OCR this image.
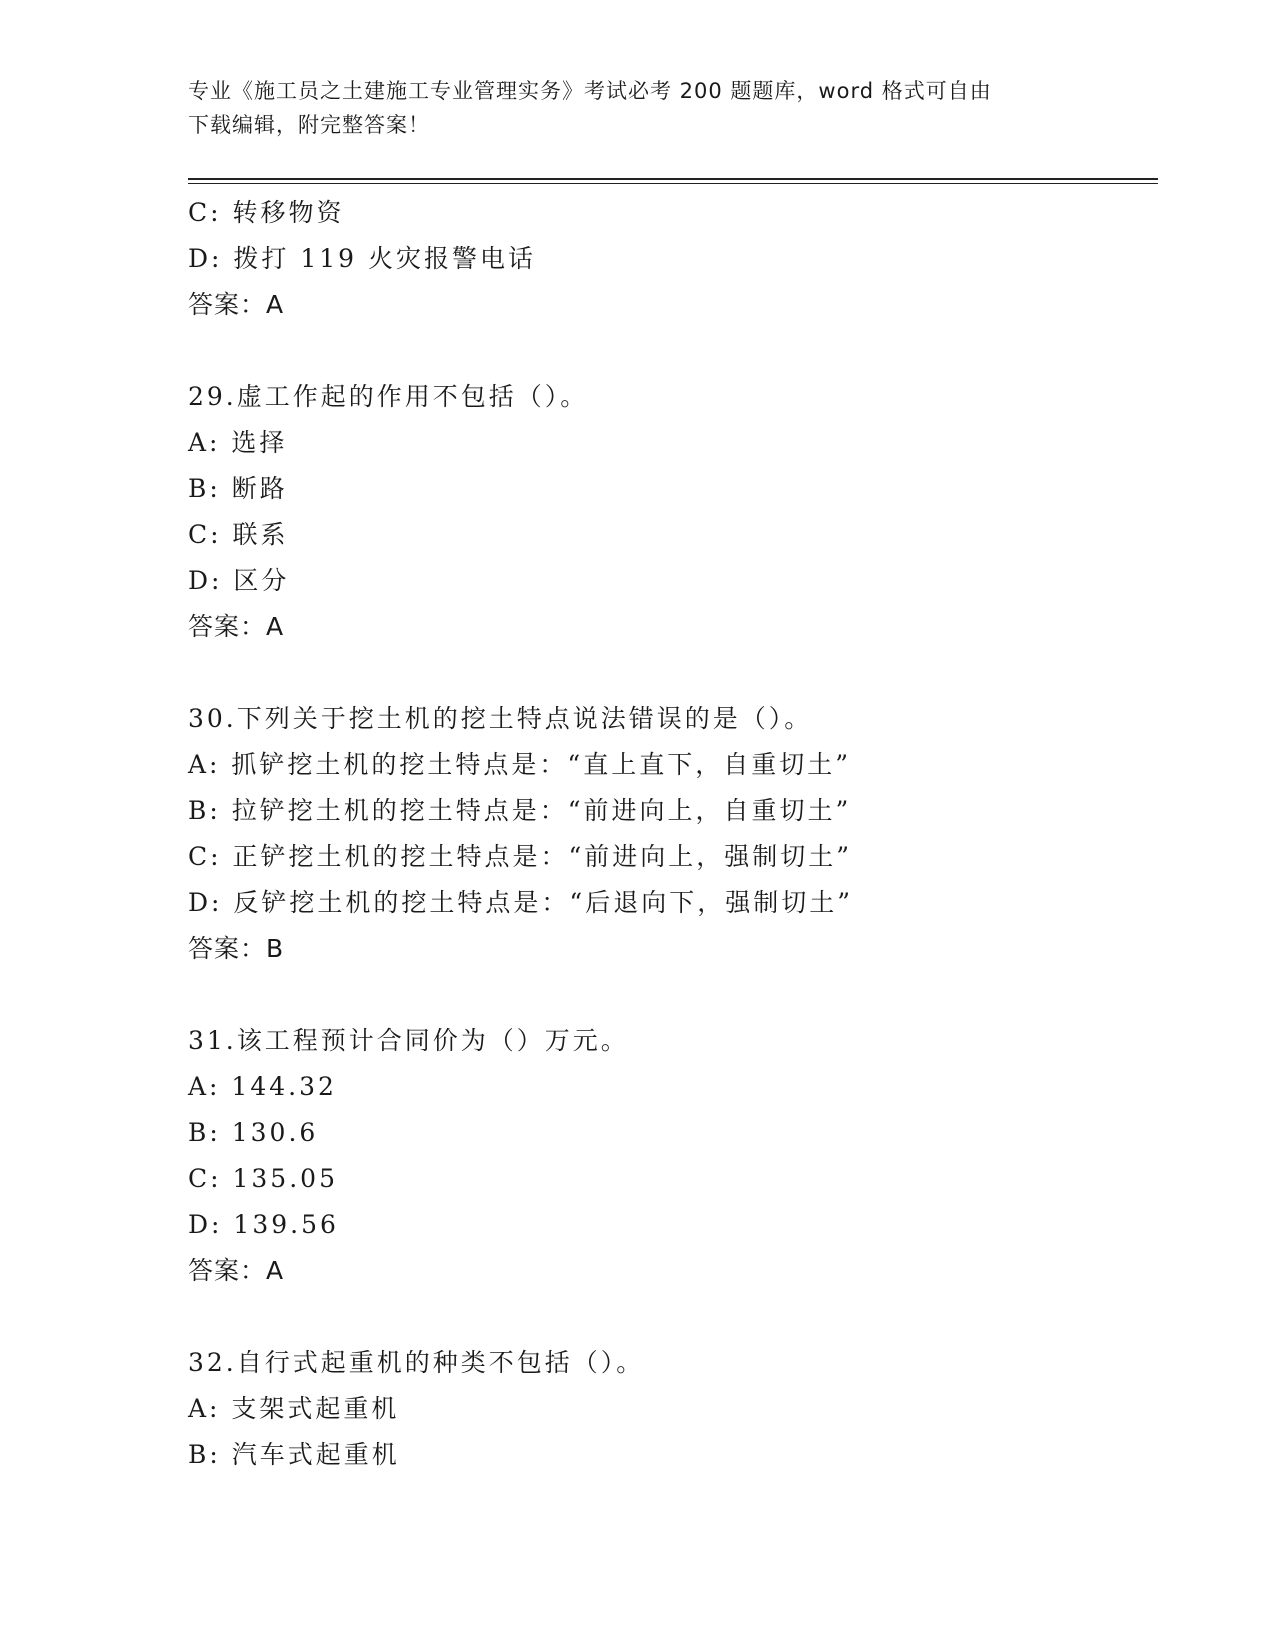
专业《施工员之土建施工专业管理实务》考试必考 200 题题库，word 格式可自由
下载编辑，附完整答案！
C: 转移物资
D: 拨打 119 火灾报警电话
答案：A
29.虚工作起的作用不包括（）。
A: 选择
B: 断路
C: 联系
D: 区分
答案：A
30.下列关于挖土机的挖土特点说法错误的是（）。
A: 抓铲挖土机的挖土特点是：“直上直下，自重切土”
B: 拉铲挖土机的挖土特点是：“前进向上，自重切土”
C: 正铲挖土机的挖土特点是：“前进向上，强制切土”
D: 反铲挖土机的挖土特点是：“后退向下，强制切土”
答案：B
31.该工程预计合同价为（）万元。
A: 144.32
B: 130.6
C: 135.05
D: 139.56
答案：A
32.自行式起重机的种类不包括（）。
A: 支架式起重机
B: 汽车式起重机
